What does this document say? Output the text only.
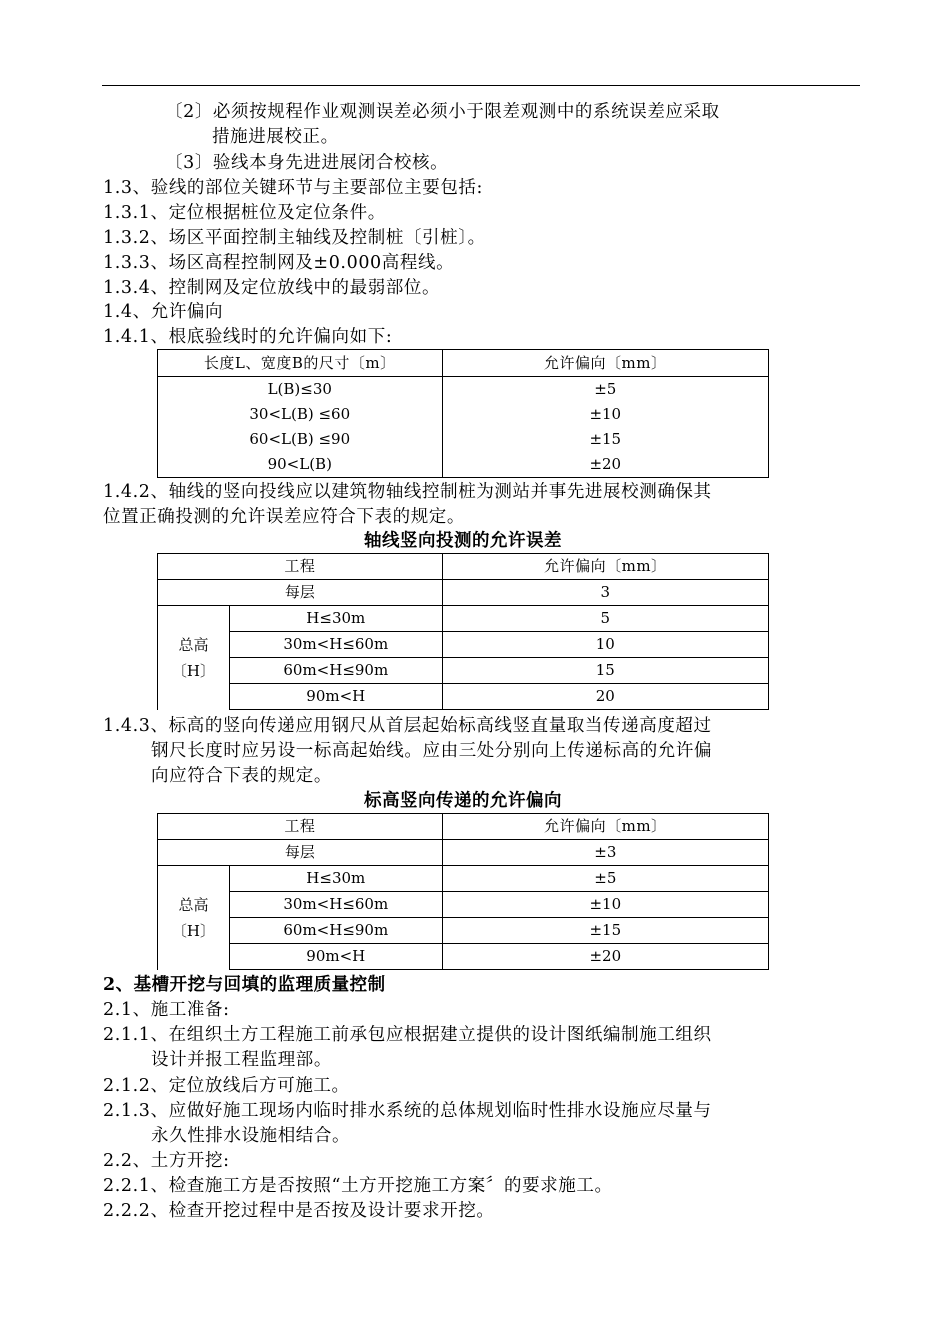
〔2〕必须按规程作业观测误差必须小于限差观测中的系统误差应采取
措施进展校正。
〔3〕验线本身先进进展闭合校核。
1.3、验线的部位关键环节与主要部位主要包括:
1.3.1、定位根据桩位及定位条件。
1.3.2、场区平面控制主轴线及控制桩〔引桩〕。
1.3.3、场区高程控制网及±0.000高程线。
1.3.4、控制网及定位放线中的最弱部位。
1.4、允许偏向
1.4.1、根底验线时的允许偏向如下:
长度L、宽度B的尺寸〔m〕	允许偏向〔mm〕
L(B)≤30	±5
30<L(B) ≤60	±10
60<L(B) ≤90	±15
90<L(B)	±20
1.4.2、轴线的竖向投线应以建筑物轴线控制桩为测站并事先进展校测确保其
位置正确投测的允许误差应符合下表的规定。
轴线竖向投测的允许误差
工程		允许偏向〔mm〕
每层		3

总高
〔H〕	H≤30m	5
	30m<H≤60m	10
	60m<H≤90m	15
	90m<H	20
1.4.3、标高的竖向传递应用钢尺从首层起始标高线竖直量取当传递高度超过
钢尺长度时应另设一标高起始线。应由三处分别向上传递标高的允许偏
向应符合下表的规定。
标高竖向传递的允许偏向
工程		允许偏向〔mm〕
每层		±3

总高
〔H〕	H≤30m	±5
	30m<H≤60m	±10
	60m<H≤90m	±15
	90m<H	±20
2、基槽开挖与回填的监理质量控制
2.1、施工准备:
2.1.1、在组织土方工程施工前承包应根据建立提供的设计图纸编制施工组织
设计并报工程监理部。
2.1.2、定位放线后方可施工。
2.1.3、应做好施工现场内临时排水系统的总体规划临时性排水设施应尽量与
永久性排水设施相结合。
2.2、土方开挖:
2.2.1、检查施工方是否按照“土方开挖施工方案〞的要求施工。
2.2.2、检查开挖过程中是否按及设计要求开挖。
